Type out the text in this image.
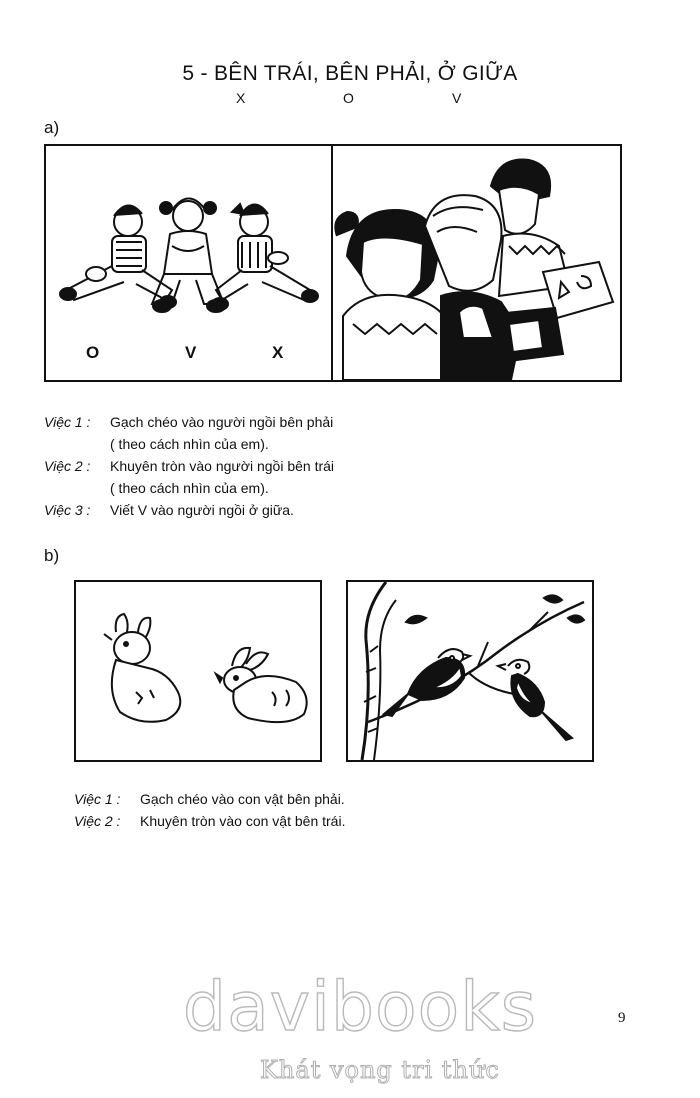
5 - BÊN TRÁI, BÊN PHẢI, Ở GIỮA
X	O	V
a)
O	V	X
Việc 1 : Gạch chéo vào người ngồi bên phải
( theo cách nhìn của em).
Việc 2 : Khuyên tròn vào người ngồi bên trái
( theo cách nhìn của em).
Việc 3 : Viết V vào người ngồi ở giữa.
b)
Việc 1 : Gạch chéo vào con vật bên phải.
Việc 2 : Khuyên tròn vào con vật bên trái.
9
davibooks
Khát vọng tri thức
